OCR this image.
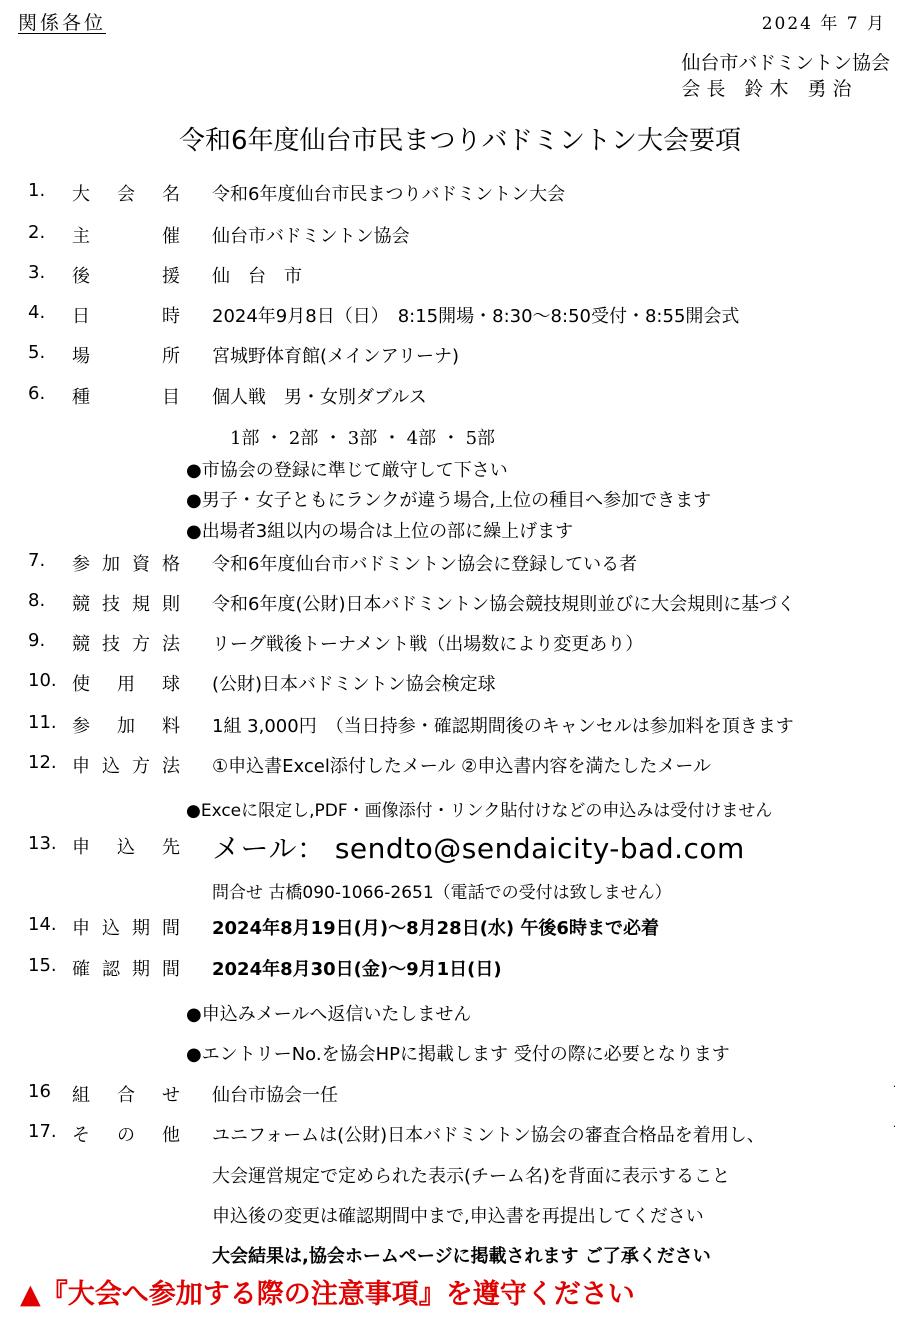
関係各位	2024 年 7 月
仙台市バドミントン協会
会 長　鈴 木　勇 治
令和6年度仙台市民まつりバドミントン大会要項
1. 大 会 名 令和6年度仙台市民まつりバドミントン大会
2. 主	催 仙台市バドミントン協会
3. 後	援 仙　台　市
4. 日	時 2024年9月8日（日）　8:15開場・8:30～8:50受付・8:55開会式
5. 場	所 宮城野体育館(メインアリーナ)
6. 種	目 個人戦　男・女別ダブルス
7. 参 加 資 格 令和6年度仙台市バドミントン協会に登録している者
8. 競 技 規 則 令和6年度(公財)日本バドミントン協会競技規則並びに大会規則に基づく
9. 競 技 方 法 リーグ戦後トーナメント戦（出場数により変更あり）
10. 使 用 球 (公財)日本バドミントン協会検定球
11. 参 加 料 1組 3,000円　（当日持参・確認期間後のキャンセルは参加料を頂きます
12. 申 込 方 法 ①申込書Excel添付したメール ②申込書内容を満たしたメール
13. 申 込 先 メール： sendto@sendaicity-bad.com
14. 申 込 期 間 2024年8月19日(月)～8月28日(水) 午後6時まで必着
15. 確 認 期 間 2024年8月30日(金)～9月1日(日)
16 組 合 せ 仙台市協会一任
17. そ の 他 ユニフォームは(公財)日本バドミントン協会の審査合格品を着用し、
1部 ・ 2部 ・ 3部 ・ 4部 ・ 5部
●市協会の登録に準じて厳守して下さい
●男子・女子ともにランクが違う場合,上位の種目へ参加できます
●出場者3組以内の場合は上位の部に繰上げます
●Exceに限定し,PDF・画像添付・リンク貼付けなどの申込みは受付けません
問合せ 古橋090-1066-2651（電話での受付は致しません）
●申込みメールへ返信いたしません
●エントリーNo.を協会HPに掲載します 受付の際に必要となります
大会運営規定で定められた表示(チーム名)を背面に表示すること
申込後の変更は確認期間中まで,申込書を再提出してください
大会結果は,協会ホームページに掲載されます ご了承ください
·
·
▲『大会へ参加する際の注意事項』を遵守ください
